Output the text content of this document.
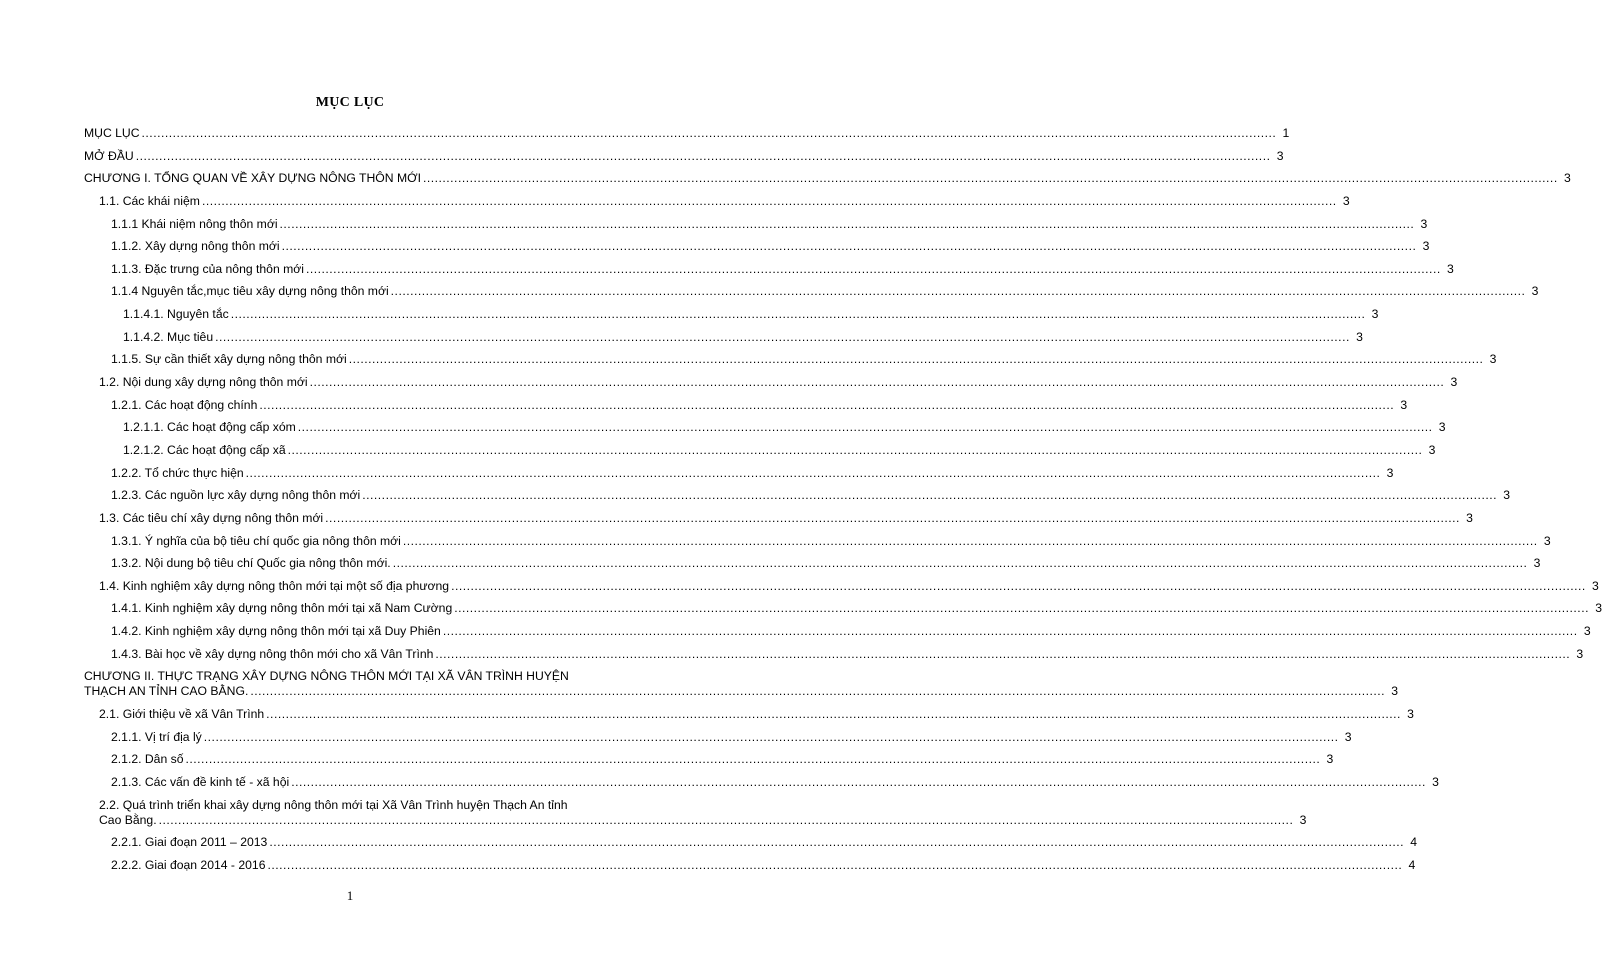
MỤC LỤC
MỤC LỤC .....	1
MỞ ĐẦU .....	3
CHƯƠNG I. TỔNG QUAN VỀ XÂY DỰNG NÔNG THÔN MỚI .....	3
1.1. Các khái niệm .....	3
1.1.1 Khái niệm nông thôn mới .....	3
1.1.2. Xây dựng nông thôn mới .....	3
1.1.3. Đặc trưng của nông thôn mới .....	3
1.1.4 Nguyên tắc,mục tiêu xây dựng nông thôn mới .....	3
1.1.4.1. Nguyên tắc .....	3
1.1.4.2. Mục tiêu .....	3
1.1.5. Sự cần thiết xây dựng nông thôn mới .....	3
1.2. Nội dung xây dựng nông thôn mới .....	3
1.2.1. Các hoạt động chính .....	3
1.2.1.1. Các hoạt động cấp xóm .....	3
1.2.1.2. Các hoạt động cấp xã .....	3
1.2.2. Tổ chức thực hiện .....	3
1.2.3. Các nguồn lực xây dựng nông thôn mới .....	3
1.3. Các tiêu chí xây dựng nông thôn mới .....	3
1.3.1. Ý nghĩa của bộ tiêu chí quốc gia nông thôn mới .....	3
1.3.2. Nội dung bộ tiêu chí Quốc gia nông thôn mới. .....	3
1.4. Kinh nghiệm xây dựng nông thôn mới tại một số địa phương .....	3
1.4.1. Kinh nghiệm xây dựng nông thôn mới tại xã Nam Cường .....	3
1.4.2. Kinh nghiệm xây dựng nông thôn mới tại xã Duy Phiên .....	3
1.4.3. Bài học về xây dựng nông thôn mới cho xã Vân Trình .....	3
CHƯƠNG II. THỰC TRẠNG XÂY DỰNG NÔNG THÔN MỚI TẠI XÃ VÂN TRÌNH HUYỆN
THẠCH AN TỈNH CAO BẰNG. .....	3
2.1. Giới thiệu về xã Vân Trình .....	3
2.1.1. Vị trí địa lý .....	3
2.1.2. Dân số .....	3
2.1.3. Các vấn đề kinh tế - xã hội .....	3
2.2. Quá trình triển khai xây dựng nông thôn mới tại Xã Vân Trình huyện Thạch An tỉnh
Cao Bằng. .....	3
2.2.1. Giai đoạn 2011 – 2013 .....	4
2.2.2. Giai đoạn 2014 - 2016 .....	4
1
